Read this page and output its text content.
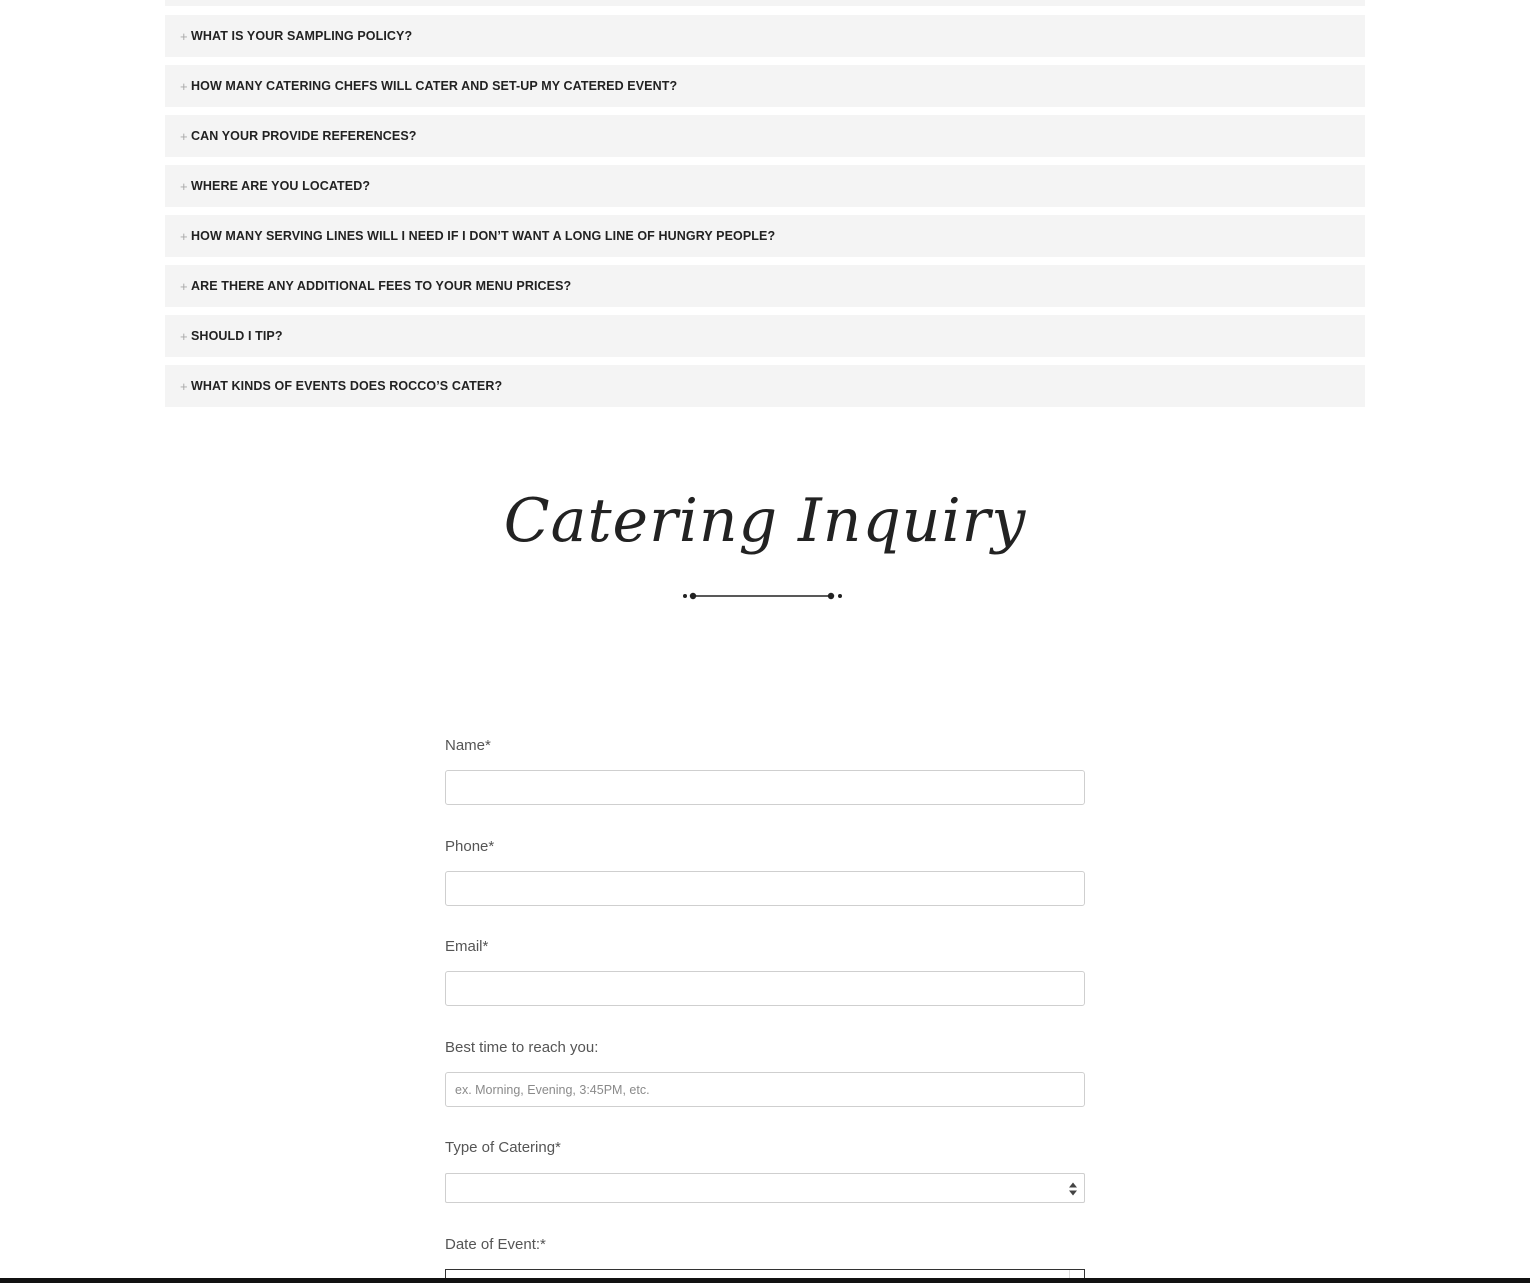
+ WHAT IS YOUR SAMPLING POLICY?
+ HOW MANY CATERING CHEFS WILL CATER AND SET-UP MY CATERED EVENT?
+ CAN YOUR PROVIDE REFERENCES?
+ WHERE ARE YOU LOCATED?
+ HOW MANY SERVING LINES WILL I NEED IF I DON’T WANT A LONG LINE OF HUNGRY PEOPLE?
+ ARE THERE ANY ADDITIONAL FEES TO YOUR MENU PRICES?
+ SHOULD I TIP?
+ WHAT KINDS OF EVENTS DOES ROCCO’S CATER?
Catering Inquiry
Name*
Phone*
Email*
Best time to reach you:
ex. Morning, Evening, 3:45PM, etc.
Type of Catering*
Date of Event:*
